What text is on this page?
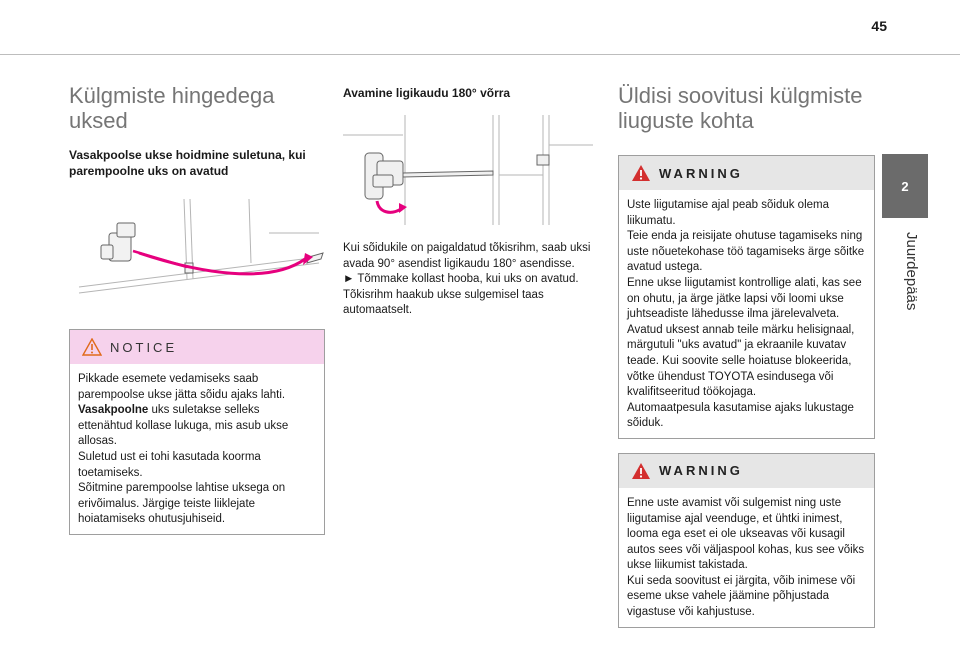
45
2
Juurdepääs
Külgmiste hingedega uksed

Vasakpoolse ukse hoidmine suletuna, kui parempoolne uks on avatud

NOTICE
Pikkade esemete vedamiseks saab parempoolse ukse jätta sõidu ajaks lahti.
Vasakpoolne uks suletakse selleks ettenähtud kollase lukuga, mis asub ukse allosas.
Suletud ust ei tohi kasutada koorma toetamiseks.
Sõitmine parempoolse lahtise uksega on erivõimalus. Järgige teiste liiklejate hoiatamiseks ohutusjuhiseid.

Avamine ligikaudu 180° võrra

Kui sõidukile on paigaldatud tõkisrihm, saab uksi avada 90° asendist ligikaudu 180° asendisse.
► Tõmmake kollast hooba, kui uks on avatud.
Tõkisrihm haakub ukse sulgemisel taas automaatselt.
Üldisi soovitusi külgmiste liuguste kohta
WARNING
Uste liigutamise ajal peab sõiduk olema liikumatu.
Teie enda ja reisijate ohutuse tagamiseks ning uste nõuetekohase töö tagamiseks ärge sõitke avatud ustega.
Enne ukse liigutamist kontrollige alati, kas see on ohutu, ja ärge jätke lapsi või loomi ukse juhtseadiste lähedusse ilma järelevalveta.
Avatud uksest annab teile märku helisignaal, märgutuli "uks avatud" ja ekraanile kuvatav teade. Kui soovite selle hoiatuse blokeerida, võtke ühendust TOYOTA esindusega või kvalifitseeritud töökojaga.
Automaatpesula kasutamise ajaks lukustage sõiduk.
WARNING
Enne uste avamist või sulgemist ning uste liigutamise ajal veenduge, et ühtki inimest, looma ega eset ei ole ukseavas või kusagil autos sees või väljaspool kohas, kus see võiks ukse liikumist takistada.
Kui seda soovitust ei järgita, võib inimese või eseme ukse vahele jäämine põhjustada vigastuse või kahjustuse.
